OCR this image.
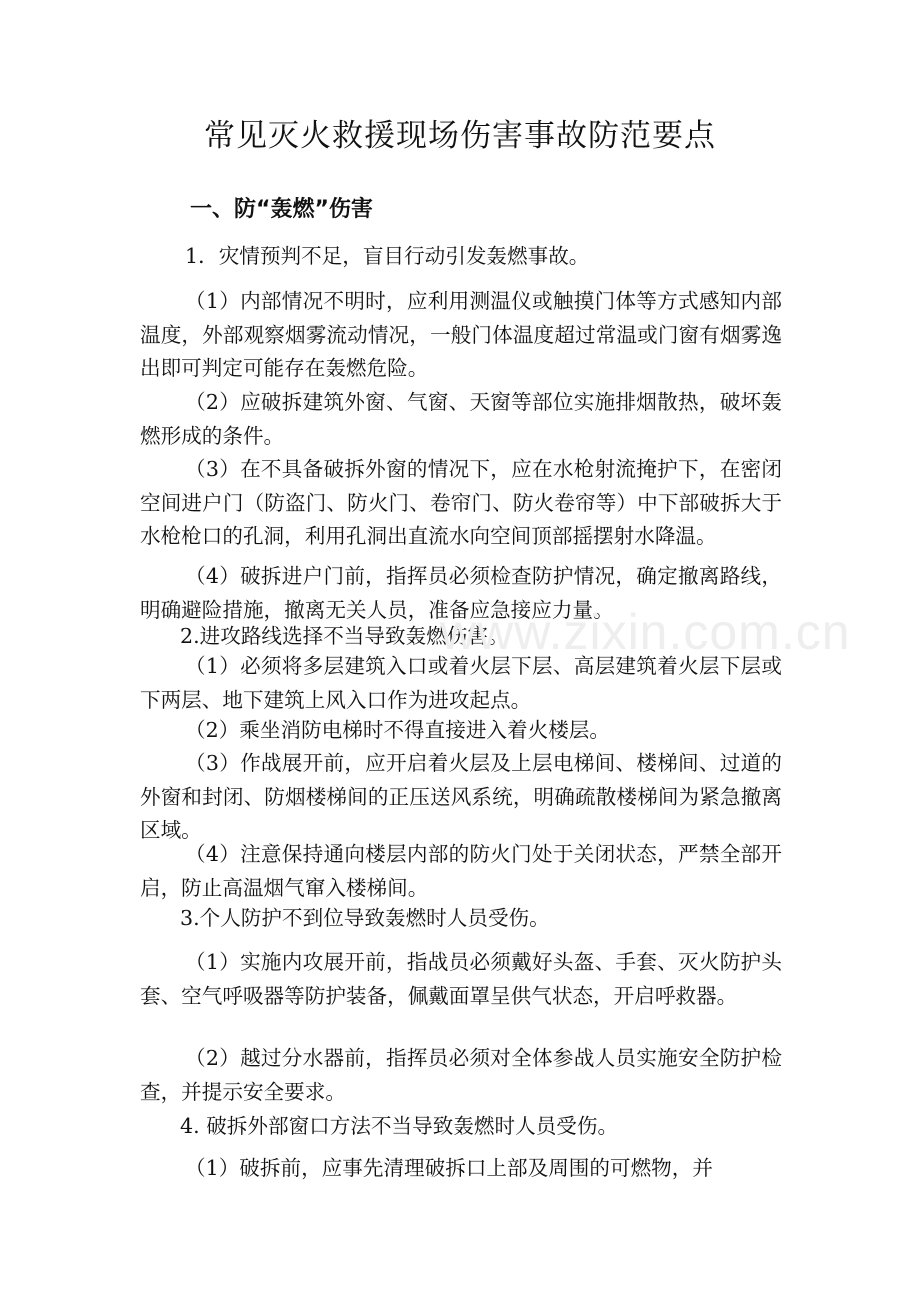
常见灭火救援现场伤害事故防范要点
一、防“轰燃”伤害
1．灾情预判不足，盲目行动引发轰燃事故。
（1）内部情况不明时，应利用测温仪或触摸门体等方式感知内部温度，外部观察烟雾流动情况，一般门体温度超过常温或门窗有烟雾逸出即可判定可能存在轰燃危险。
（2）应破拆建筑外窗、气窗、天窗等部位实施排烟散热，破坏轰燃形成的条件。
（3）在不具备破拆外窗的情况下，应在水枪射流掩护下，在密闭空间进户门（防盗门、防火门、卷帘门、防火卷帘等）中下部破拆大于水枪枪口的孔洞，利用孔洞出直流水向空间顶部摇摆射水降温。
（4）破拆进户门前，指挥员必须检查防护情况，确定撤离路线，明确避险措施，撤离无关人员，准备应急接应力量。
2.进攻路线选择不当导致轰燃伤害。
（1）必须将多层建筑入口或着火层下层、高层建筑着火层下层或下两层、地下建筑上风入口作为进攻起点。
（2）乘坐消防电梯时不得直接进入着火楼层。
（3）作战展开前，应开启着火层及上层电梯间、楼梯间、过道的外窗和封闭、防烟楼梯间的正压送风系统，明确疏散楼梯间为紧急撤离区域。
（4）注意保持通向楼层内部的防火门处于关闭状态，严禁全部开启，防止高温烟气窜入楼梯间。
3.个人防护不到位导致轰燃时人员受伤。
（1）实施内攻展开前，指战员必须戴好头盔、手套、灭火防护头套、空气呼吸器等防护装备，佩戴面罩呈供气状态，开启呼救器。
（2）越过分水器前，指挥员必须对全体参战人员实施安全防护检查，并提示安全要求。
4. 破拆外部窗口方法不当导致轰燃时人员受伤。
（1）破拆前，应事先清理破拆口上部及周围的可燃物，并
www.zixin.com.cn
